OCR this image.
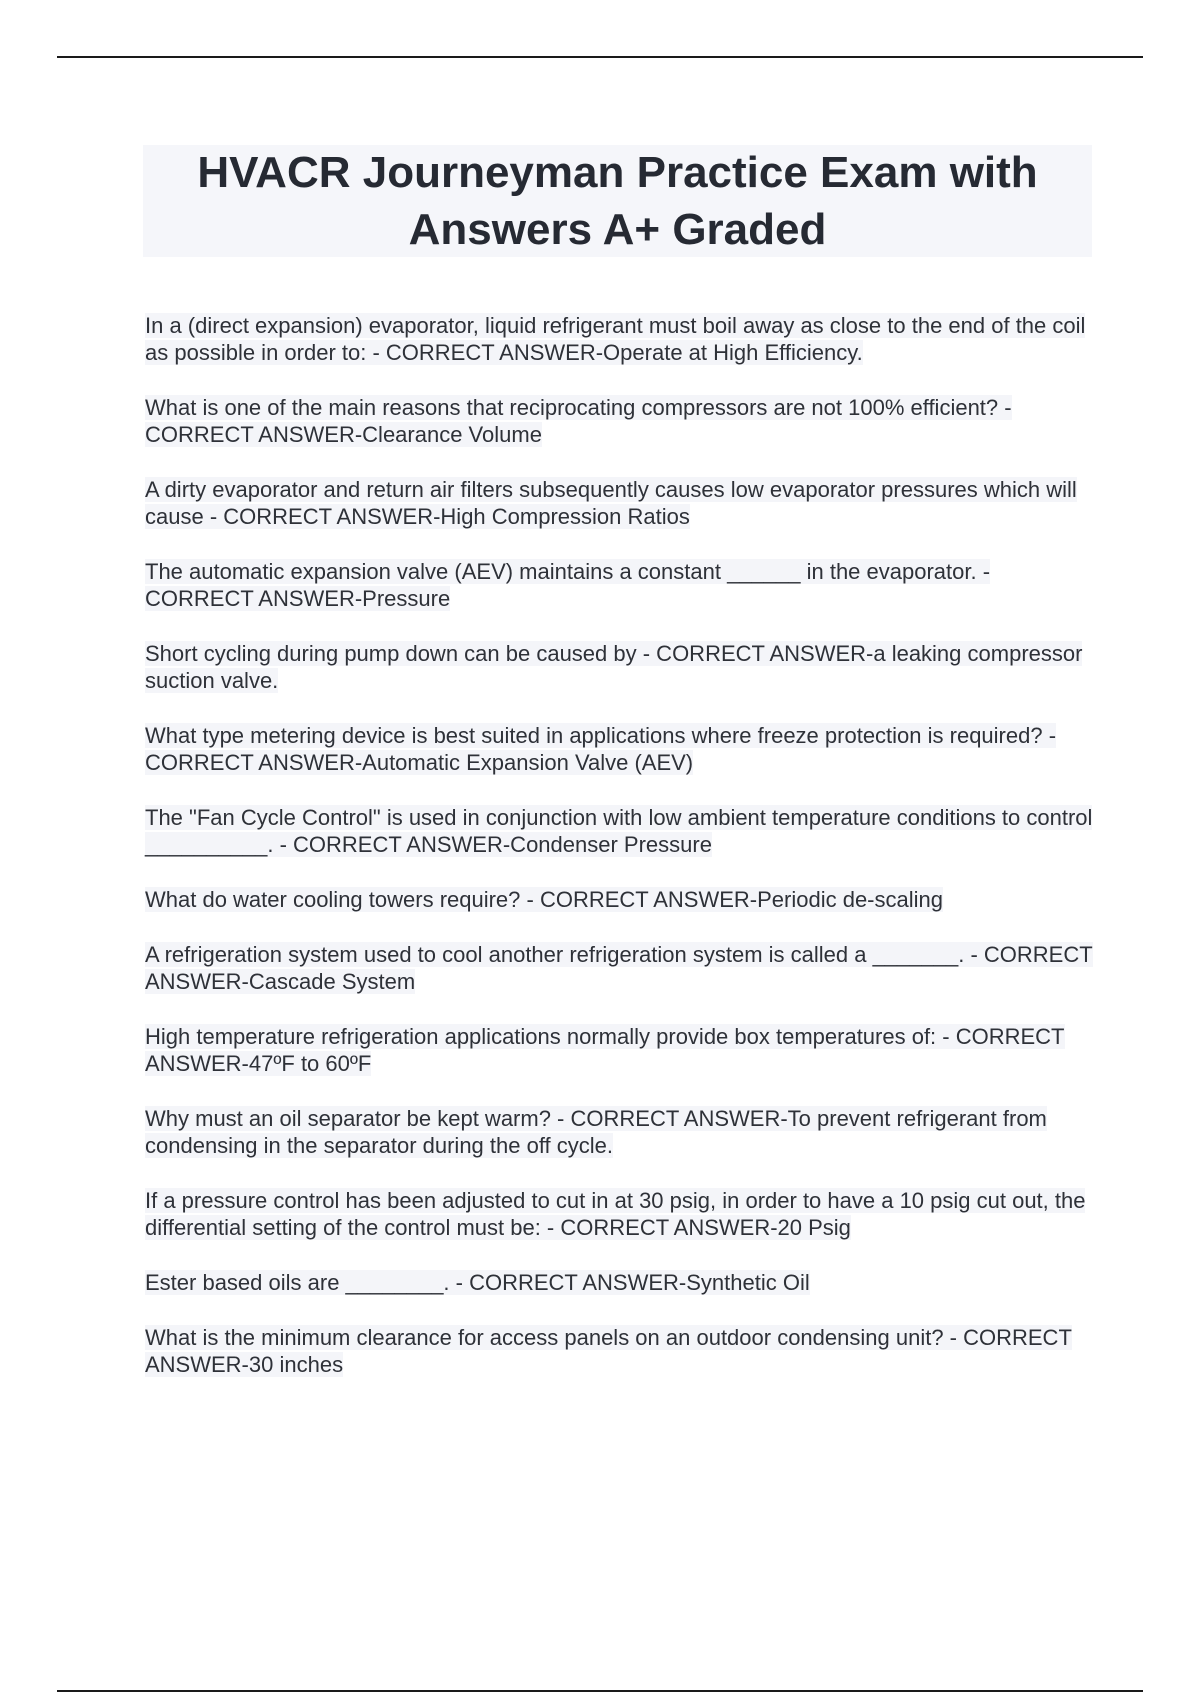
HVACR Journeyman Practice Exam with Answers A+ Graded
In a (direct expansion) evaporator, liquid refrigerant must boil away as close to the end of the coil as possible in order to: - CORRECT ANSWER-Operate at High Efficiency.
What is one of the main reasons that reciprocating compressors are not 100% efficient? - CORRECT ANSWER-Clearance Volume
A dirty evaporator and return air filters subsequently causes low evaporator pressures which will cause - CORRECT ANSWER-High Compression Ratios
The automatic expansion valve (AEV) maintains a constant ______ in the evaporator. - CORRECT ANSWER-Pressure
Short cycling during pump down can be caused by - CORRECT ANSWER-a leaking compressor suction valve.
What type metering device is best suited in applications where freeze protection is required? - CORRECT ANSWER-Automatic Expansion Valve (AEV)
The "Fan Cycle Control" is used in conjunction with low ambient temperature conditions to control __________. - CORRECT ANSWER-Condenser Pressure
What do water cooling towers require? - CORRECT ANSWER-Periodic de-scaling
A refrigeration system used to cool another refrigeration system is called a _______. - CORRECT ANSWER-Cascade System
High temperature refrigeration applications normally provide box temperatures of: - CORRECT ANSWER-47ºF to 60ºF
Why must an oil separator be kept warm? - CORRECT ANSWER-To prevent refrigerant from condensing in the separator during the off cycle.
If a pressure control has been adjusted to cut in at 30 psig, in order to have a 10 psig cut out, the differential setting of the control must be: - CORRECT ANSWER-20 Psig
Ester based oils are ________. - CORRECT ANSWER-Synthetic Oil
What is the minimum clearance for access panels on an outdoor condensing unit? - CORRECT ANSWER-30 inches
